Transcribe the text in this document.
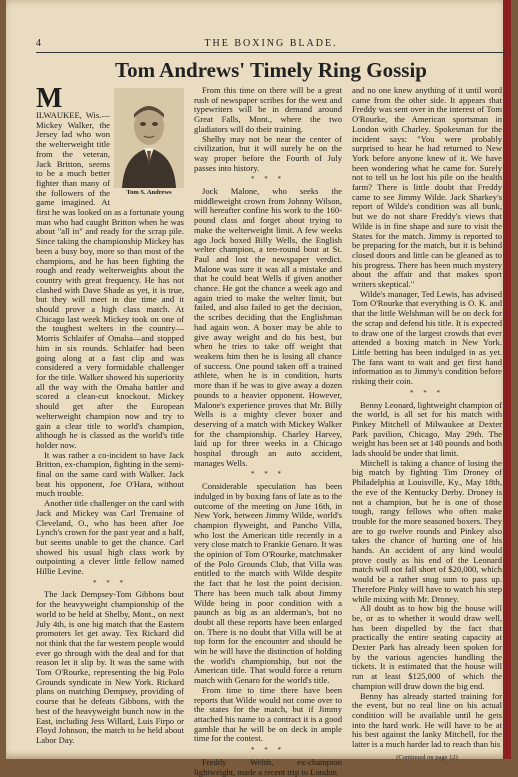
4	THE BOXING BLADE.
Tom Andrews' Timely Ring Gossip

M
Tom S. Andrews
ILWAUKEE, Wis.—Mickey Walker, the Jersey lad who won the welterweight title from the veteran, Jack Britton, seems to be a much better fighter than many of the followers of the game imagined. At first he was looked on as a fortunate young man who had caught Britton when he was about "all in" and ready for the scrap pile. Since taking the championship Mickey has been a busy boy, more so than most of the champions, and he has been fighting the rough and ready welterweights about the country with great frequency. He has not clashed with Dave Shade as yet, it is true, but they will meet in due time and it should prove a high class match. At Chicago last week Mickey took on one of the toughest welters in the country—Morris Schlaifer of Omaha—and stopped him in six rounds. Schlaifer had been going along at a fast clip and was considered a very formidable challenger for the title. Walker showed his superiority all the way with the Omaha battler and scored a clean-cut knockout. Mickey should get after the European welterweight champion now and try to gain a clear title to world's champion, although he is classed as the world's title holder now.

It was rather a co-incident to have Jack Britton, ex-champion, fighting in the semi-final on the same card with Walker. Jack beat his opponent, Joe O'Hara, without much trouble.

Another title challenger on the card with Jack and Mickey was Carl Tremaine of Cleveland, O., who has been after Joe Lynch's crown for the past year and a half, but seems unable to get the chance. Carl showed his usual high class work by outpointing a clever little fellow named Hillie Levine.

* * *

The Jack Dempsey-Tom Gibbons bout for the heavyweight championship of the world to be held at Shelby, Mont., on next July 4th, is one big match that the Eastern promoters let get away. Tex Rickard did not think that the far western people would ever go through with the deal and for that reason let it slip by. It was the same with Tom O'Rourke, representing the big Polo Grounds syndicate in New York. Rickard plans on matching Dempsey, providing of course that he defeats Gibbons, with the best of the heavyweight bunch now in the East, including Jess Willard, Luis Firpo or Floyd Johnson, the match to be held about Labor Day.

From this time on there will be a great rush of newspaper scribes for the west and typewriters will be in demand around Great Falls, Mont., where the two gladiators will do their training.

Shelby may not be near the center of civilization, but it will surely be on the way proper before the Fourth of July passes into history.

* * *

Jock Malone, who seeks the middleweight crown from Johnny Wilson, will hereafter confine his work to the 160-pound class and forget about trying to make the welterweight limit. A few weeks ago Jock boxed Billy Wells, the English welter champion, a ten-round bout at St. Paul and lost the newspaper verdict. Malone was sure it was all a mistake and that he could beat Wells if given another chance. He got the chance a week ago and again tried to make the welter limit, but failed, and also failed to get the decision, the scribes deciding that the Englishman had again won. A boxer may be able to give away weight and do his best, but when he tries to take off weight that weakens him then he is losing all chance of success. One pound taken off a trained athlete, when he is in condition, hurts more than if he was to give away a dozen pounds to a heavier opponent. However, Malone's experience proves that Mr. Billy Wells is a mighty clever boxer and deserving of a match with Mickey Walker for the championship. Charley Harvey, laid up for three weeks in a Chicago hospital through an auto accident, manages Wells.

* * *

Considerable speculation has been indulged in by boxing fans of late as to the outcome of the meeting on June 16th, in New York, between Jimmy Wilde, world's champion flyweight, and Pancho Villa, who lost the American title recently in a very close match to Frankie Genaro. It was the opinion of Tom O'Rourke, matchmaker of the Polo Grounds Club, that Villa was entitled to the match with Wilde despite the fact that he lost the point decision. There has been much talk about Jimmy Wilde being in poor condition with a paunch as big as an alderman's, but no doubt all these reports have been enlarged on. There is no doubt that Villa will be at top form for the encounter and should he win he will have the distinction of holding the world's championship, but not the American title. That would force a return match with Genaro for the world's title.

From time to time there have been reports that Wilde would not come over to the states for the match, but if Jimmy attached his name to a contract it is a good gamble that he will be on deck in ample time for the contest.

* * *

Freddy Welsh, ex-champion lightweight, made a recent trip to London

and no one knew anything of it until word came from the other side. It appears that Freddy was sent over in the interest of Tom O'Rourke, the American sportsman in London with Charley. Spokesman for the incident says: "You were probably surprised to hear he had returned to New York before anyone knew of it. We have been wondering what he came for. Surely not to tell us he lost his pile on the health farm? There is little doubt that Freddy came to see Jimmy Wilde. Jack Sharkey's report of Wilde's condition was all bunk, but we do not share Freddy's views that Wilde is in fine shape and sure to visit the States for the match. Jimmy is reported to be preparing for the match, but it is behind closed doors and little can be gleaned as to his progress. There has been much mystery about the affair and that makes sport writers skeptical."

Wilde's manager, Ted Lewis, has advised Tom O'Rourke that everything is O. K. and that the little Welshman will be on deck for the scrap and defend his title. It is expected to draw one of the largest crowds that ever attended a boxing match in New York. Little betting has been indulged in as yet. The fans want to wait and get first hand information as to Jimmy's condition before risking their coin.

* * *

Benny Leonard, lightweight champion of the world, is all set for his match with Pinkey Mitchell of Milwaukee at Dexter Park pavilion, Chicago, May 29th. The weight has been set at 140 pounds and both lads should be under that limit.

Mitchell is taking a chance of losing the big match by fighting Tim Droney of Philadelphia at Louisville, Ky., May 18th, the eve of the Kentucky Derby. Droney is not a champion, but he is one of those tough, rangy fellows who often make trouble for the more seasoned boxers. They are to go twelve rounds and Pinkey also takes the chance of hurting one of his hands. An accident of any kind would prove costly as his end of the Leonard match will not fall short of $20,000, which would be a rather snug sum to pass up. Therefore Pinky will have to watch his step while mixing with Mr. Droney.

All doubt as to how big the house will be, or as to whether it would draw well, has been dispelled by the fact that practically the entire seating capacity at Dexter Park has already been spoken for by the various agencies handling the tickets. It is estimated that the house will run at least $125,000 of which the champion will draw down the big end.

Benny has already started training for the event, but no real line on his actual condition will be available until he gets into the hard work. He will have to be at his best against the lanky Mitchell, for the latter is a much harder lad to reach than his

(Continued on page 12)
